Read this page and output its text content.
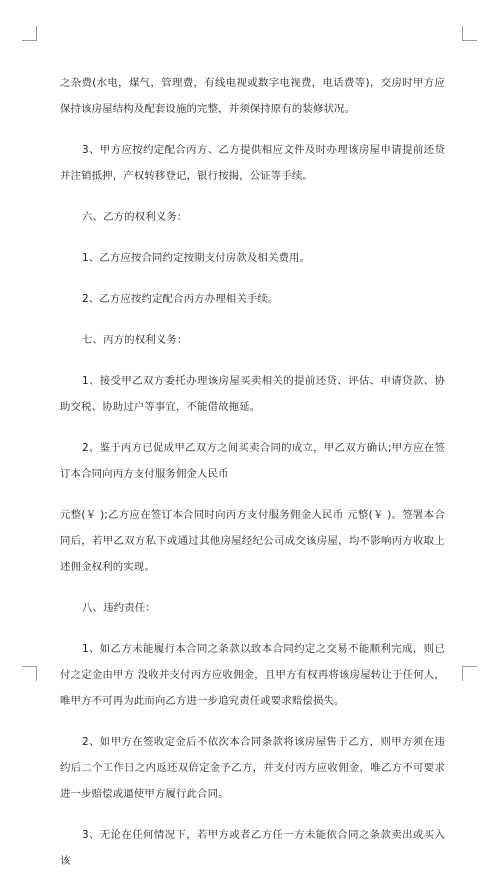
之杂费(水电，煤气，管理费，有线电视或数字电视费，电话费等)，交房时甲方应保持该房屋结构及配套设施的完整，并须保持原有的装修状况。

3、甲方应按约定配合丙方、乙方提供相应文件及时办理该房屋申请提前还贷并注销抵押，产权转移登记，银行按揭，公证等手续。

六、乙方的权利义务：

1、乙方应按合同约定按期支付房款及相关费用。

2、乙方应按约定配合丙方办理相关手续。

七、丙方的权利义务：

1、接受甲乙双方委托办理该房屋买卖相关的提前还贷、评估、申请贷款、协助交税、协助过户等事宜，不能借故拖延。

2、鉴于丙方已促成甲乙双方之间买卖合同的成立，甲乙双方确认;甲方应在签订本合同向丙方支付服务佣金人民币

元整(￥ );乙方应在签订本合同时向丙方支付服务佣金人民币 元整(￥ )。签署本合同后，若甲乙双方私下或通过其他房屋经纪公司成交该房屋，均不影响丙方收取上述佣金权利的实现。

八、违约责任：

1、如乙方未能履行本合同之条款以致本合同约定之交易不能顺利完成，则已付之定金由甲方 没收并支付丙方应收佣金，且甲方有权再将该房屋转让于任何人，唯甲方不可再为此而向乙方进一步追究责任或要求赔偿损失。

2、如甲方在签收定金后不依次本合同条款将该房屋售于乙方，则甲方须在违约后二个工作日之内返还双倍定金予乙方，并支付丙方应收佣金，唯乙方不可要求进一步赔偿或逼使甲方履行此合同。

3、无论在任何情况下，若甲方或者乙方任一方未能依合同之条款卖出或买入该
